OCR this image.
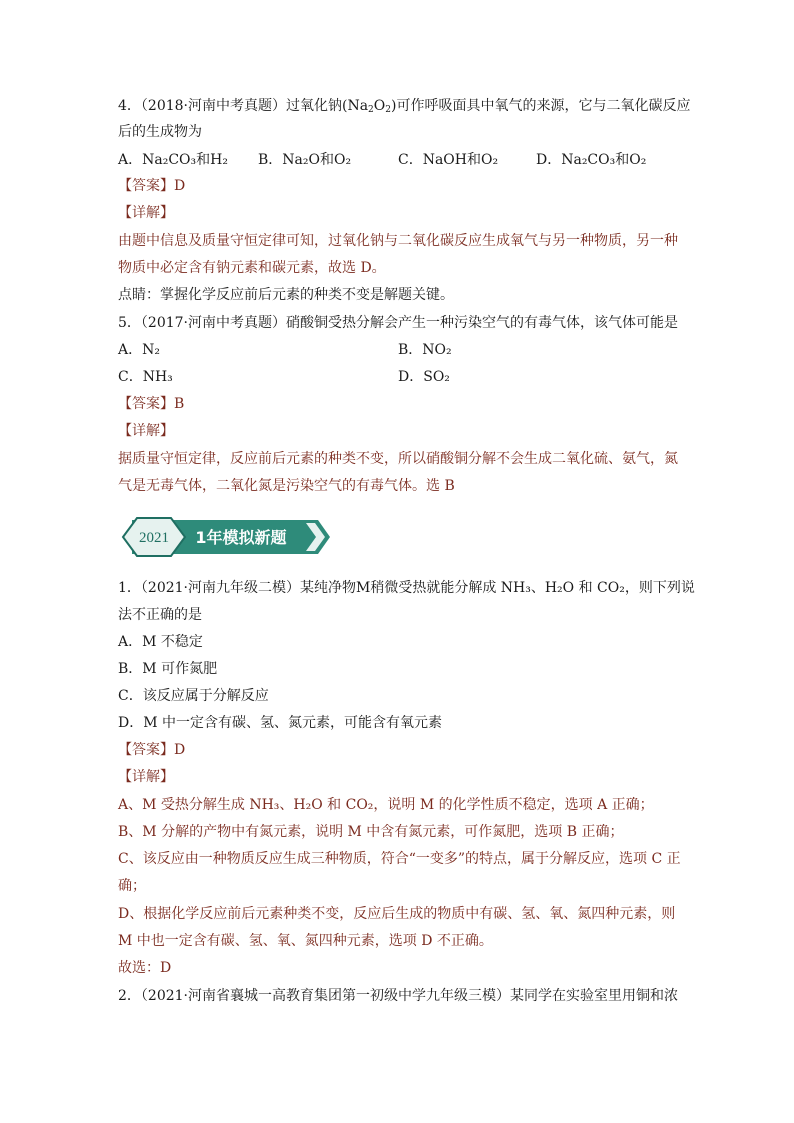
4．（2018·河南中考真题）过氧化钠$(Na_2O_2)$可作呼吸面具中氧气的来源，它与二氧化碳反应
后的生成物为
A．Na₂CO₃和H₂ B．Na₂O和O₂	C．NaOH和O₂	D．Na₂CO₃和O₂
【答案】D
【详解】
由题中信息及质量守恒定律可知，过氧化钠与二氧化碳反应生成氧气与另一种物质，另一种
物质中必定含有钠元素和碳元素，故选 D。
点睛：掌握化学反应前后元素的种类不变是解题关键。
5．（2017·河南中考真题）硝酸铜受热分解会产生一种污染空气的有毒气体，该气体可能是
A．N₂	B．NO₂
C．NH₃	D．SO₂
【答案】B
【详解】
据质量守恒定律，反应前后元素的种类不变，所以硝酸铜分解不会生成二氧化硫、氨气，氮
气是无毒气体，二氧化氮是污染空气的有毒气体。选 B
2021 1年模拟新题
1．（2021·河南九年级二模）某纯净物M稍微受热就能分解成 NH₃、H₂O 和 CO₂，则下列说
法不正确的是
A．M 不稳定
B．M 可作氮肥
C．该反应属于分解反应
D．M 中一定含有碳、氢、氮元素，可能含有氧元素
【答案】D
【详解】
A、M 受热分解生成 NH₃、H₂O 和 CO₂，说明 M 的化学性质不稳定，选项 A 正确；
B、M 分解的产物中有氮元素，说明 M 中含有氮元素，可作氮肥，选项 B 正确；
C、该反应由一种物质反应生成三种物质，符合“一变多”的特点，属于分解反应，选项 C 正
确；
D、根据化学反应前后元素种类不变，反应后生成的物质中有碳、氢、氧、氮四种元素，则
M 中也一定含有碳、氢、氧、氮四种元素，选项 D 不正确。
故选：D
2．（2021·河南省襄城一高教育集团第一初级中学九年级三模）某同学在实验室里用铜和浓
